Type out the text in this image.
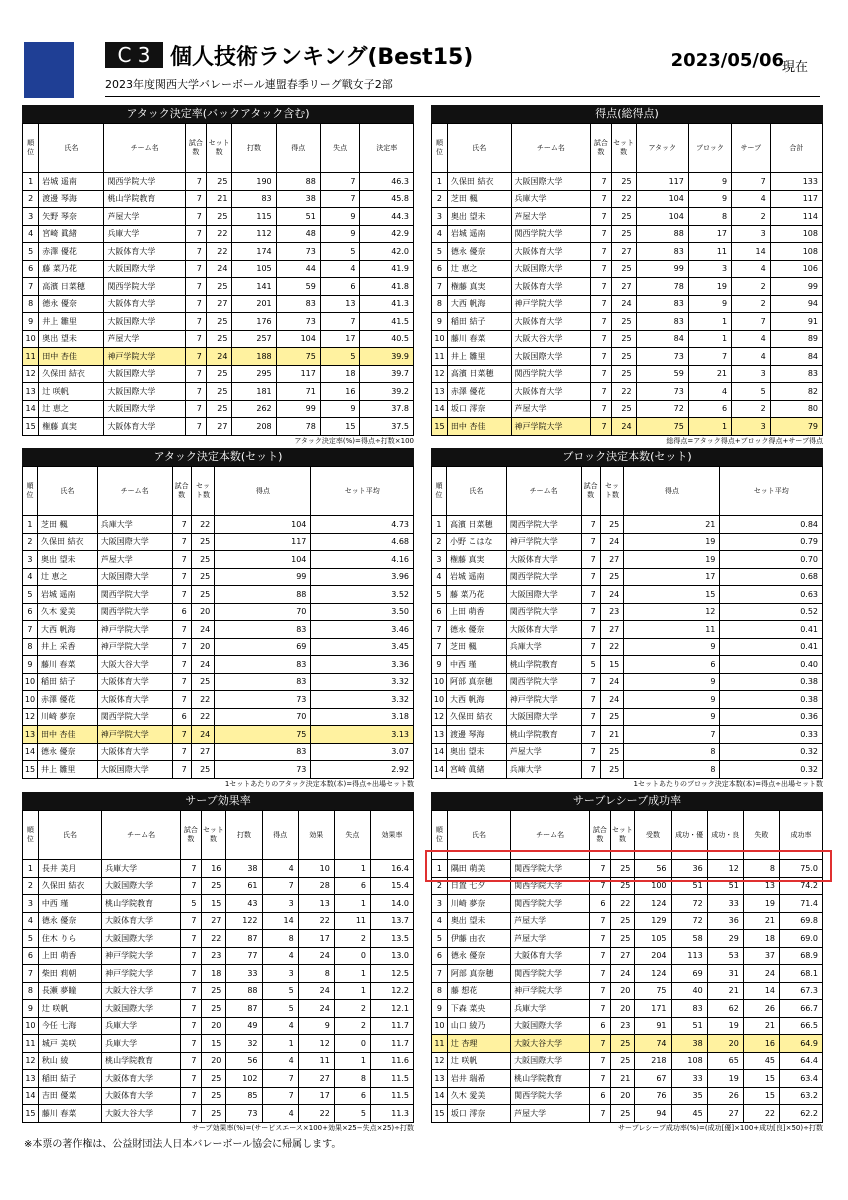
C 3 個人技術ランキング(Best15)	2023/05/06
現在
2023年度関西大学バレーボール連盟春季リーグ戦女子2部
アタック決定率(バックアタック含む)
順位	氏名	チーム名	試合数	セット数	打数	得点	失点	決定率
1	岩城 遥南	関西学院大学	7	25	190	88	7	46.3
2	渡邊 琴海	桃山学院教育	7	21	83	38	7	45.8
3	矢野 琴奈	芦屋大学	7	25	115	51	9	44.3
4	宮崎 眞緒	兵庫大学	7	22	112	48	9	42.9
5	赤澤 優花	大阪体育大学	7	22	174	73	5	42.0
6	藤 菜乃花	大阪国際大学	7	24	105	44	4	41.9
7	高濱 日菜穂	関西学院大学	7	25	141	59	6	41.8
8	德永 優奈	大阪体育大学	7	27	201	83	13	41.3
9	井上 雛里	大阪国際大学	7	25	176	73	7	41.5
10	奥出 望未	芦屋大学	7	25	257	104	17	40.5
11	田中 杏佳	神戸学院大学	7	24	188	75	5	39.9
12	久保田 結衣	大阪国際大学	7	25	295	117	18	39.7
13	辻 咲帆	大阪国際大学	7	25	181	71	16	39.2
14	辻 恵之	大阪国際大学	7	25	262	99	9	37.8
15	権藤 真実	大阪体育大学	7	27	208	78	15	37.5
アタック決定率(%)=得点÷打数×100
得点(総得点)
順位	氏名	チーム名	試合数	セット数	アタック	ブロック	サーブ	合計
1	久保田 結衣	大阪国際大学	7	25	117	9	7	133
2	芝田 楓	兵庫大学	7	22	104	9	4	117
3	奥出 望未	芦屋大学	7	25	104	8	2	114
4	岩城 遥南	関西学院大学	7	25	88	17	3	108
5	德永 優奈	大阪体育大学	7	27	83	11	14	108
6	辻 恵之	大阪国際大学	7	25	99	3	4	106
7	権藤 真実	大阪体育大学	7	27	78	19	2	99
8	大西 帆海	神戸学院大学	7	24	83	9	2	94
9	稲田 結子	大阪体育大学	7	25	83	1	7	91
10	藤川 春菜	大阪大谷大学	7	25	84	1	4	89
11	井上 雛里	大阪国際大学	7	25	73	7	4	84
12	高濱 日菜穂	関西学院大学	7	25	59	21	3	83
13	赤澤 優花	大阪体育大学	7	22	73	4	5	82
14	坂口 澪奈	芦屋大学	7	25	72	6	2	80
15	田中 杏佳	神戸学院大学	7	24	75	1	3	79
総得点=アタック得点+ブロック得点+サーブ得点
アタック決定本数(セット)
順位	氏名	チーム名	試合数	セット数	得点	セット平均
1	芝田 楓	兵庫大学	7	22	104	4.73
2	久保田 結衣	大阪国際大学	7	25	117	4.68
3	奥出 望未	芦屋大学	7	25	104	4.16
4	辻 恵之	大阪国際大学	7	25	99	3.96
5	岩城 遥南	関西学院大学	7	25	88	3.52
6	久木 愛美	関西学院大学	6	20	70	3.50
7	大西 帆海	神戸学院大学	7	24	83	3.46
8	井上 采香	神戸学院大学	7	20	69	3.45
9	藤川 春菜	大阪大谷大学	7	24	83	3.36
10	稲田 結子	大阪体育大学	7	25	83	3.32
10	赤澤 優花	大阪体育大学	7	22	73	3.32
12	川崎 夢奈	関西学院大学	6	22	70	3.18
13	田中 杏佳	神戸学院大学	7	24	75	3.13
14	德永 優奈	大阪体育大学	7	27	83	3.07
15	井上 雛里	大阪国際大学	7	25	73	2.92
1セットあたりのアタック決定本数(本)=得点÷出場セット数
ブロック決定本数(セット)
順位	氏名	チーム名	試合数	セット数	得点	セット平均
1	高濱 日菜穂	関西学院大学	7	25	21	0.84
2	小野 こはな	神戸学院大学	7	24	19	0.79
3	権藤 真実	大阪体育大学	7	27	19	0.70
4	岩城 遥南	関西学院大学	7	25	17	0.68
5	藤 菜乃花	大阪国際大学	7	24	15	0.63
6	上田 萌香	関西学院大学	7	23	12	0.52
7	德永 優奈	大阪体育大学	7	27	11	0.41
7	芝田 楓	兵庫大学	7	22	9	0.41
9	中西 瑾	桃山学院教育	5	15	6	0.40
10	阿部 真奈穂	関西学院大学	7	24	9	0.38
10	大西 帆海	神戸学院大学	7	24	9	0.38
12	久保田 結衣	大阪国際大学	7	25	9	0.36
13	渡邊 琴海	桃山学院教育	7	21	7	0.33
14	奥出 望未	芦屋大学	7	25	8	0.32
14	宮崎 眞緒	兵庫大学	7	25	8	0.32
1セットあたりのブロック決定本数(本)=得点÷出場セット数
サーブ効果率
順位	氏名	チーム名	試合数	セット数	打数	得点	効果	失点	効果率
1	長井 美月	兵庫大学	7	16	38	4	10	1	16.4
2	久保田 結衣	大阪国際大学	7	25	61	7	28	6	15.4
3	中西 瑾	桃山学院教育	5	15	43	3	13	1	14.0
4	德永 優奈	大阪体育大学	7	27	122	14	22	11	13.7
5	住木 りら	大阪国際大学	7	22	87	8	17	2	13.5
6	上田 萌香	神戸学院大学	7	23	77	4	24	0	13.0
7	柴田 莉朝	神戸学院大学	7	18	33	3	8	1	12.5
8	長瀬 夢瞳	大阪大谷大学	7	25	88	5	24	1	12.2
9	辻 咲帆	大阪国際大学	7	25	87	5	24	2	12.1
10	今任 七海	兵庫大学	7	20	49	4	9	2	11.7
11	城戸 美咲	兵庫大学	7	15	32	1	12	0	11.7
12	秋山 綾	桃山学院教育	7	20	56	4	11	1	11.6
13	稲田 結子	大阪体育大学	7	25	102	7	27	8	11.5
14	吉田 優菜	大阪体育大学	7	25	85	7	17	6	11.5
15	藤川 春菜	大阪大谷大学	7	25	73	4	22	5	11.3
サーブ効果率(%)=(サービスエース×100+効果×25−失点×25)÷打数
サーブレシーブ成功率
順位	氏名	チーム名	試合数	セット数	受数	成功・優	成功・良	失敗	成功率
1	隅田 萌美	関西学院大学	7	25	56	36	12	8	75.0
2	日置 七夕	関西学院大学	7	25	100	51	51	13	74.2
3	川崎 夢奈	関西学院大学	6	22	124	72	33	19	71.4
4	奥出 望未	芦屋大学	7	25	129	72	36	21	69.8
5	伊藤 由衣	芦屋大学	7	25	105	58	29	18	69.0
6	德永 優奈	大阪体育大学	7	27	204	113	53	37	68.9
7	阿部 真奈穂	関西学院大学	7	24	124	69	31	24	68.1
8	藤 想花	神戸学院大学	7	20	75	40	21	14	67.3
9	下森 菜央	兵庫大学	7	20	171	83	62	26	66.7
10	山口 綾乃	大阪国際大学	6	23	91	51	19	21	66.5
11	辻 杏理	大阪大谷大学	7	25	74	38	20	16	64.9
12	辻 咲帆	大阪国際大学	7	25	218	108	65	45	64.4
13	岩井 瑞希	桃山学院教育	7	21	67	33	19	15	63.4
14	久木 愛美	関西学院大学	6	20	76	35	26	15	63.2
15	坂口 澪奈	芦屋大学	7	25	94	45	27	22	62.2
サーブレシーブ成功率(%)=(成功[優]×100+成功[良]×50)÷打数
※本票の著作権は、公益財団法人日本バレーボール協会に帰属します。
